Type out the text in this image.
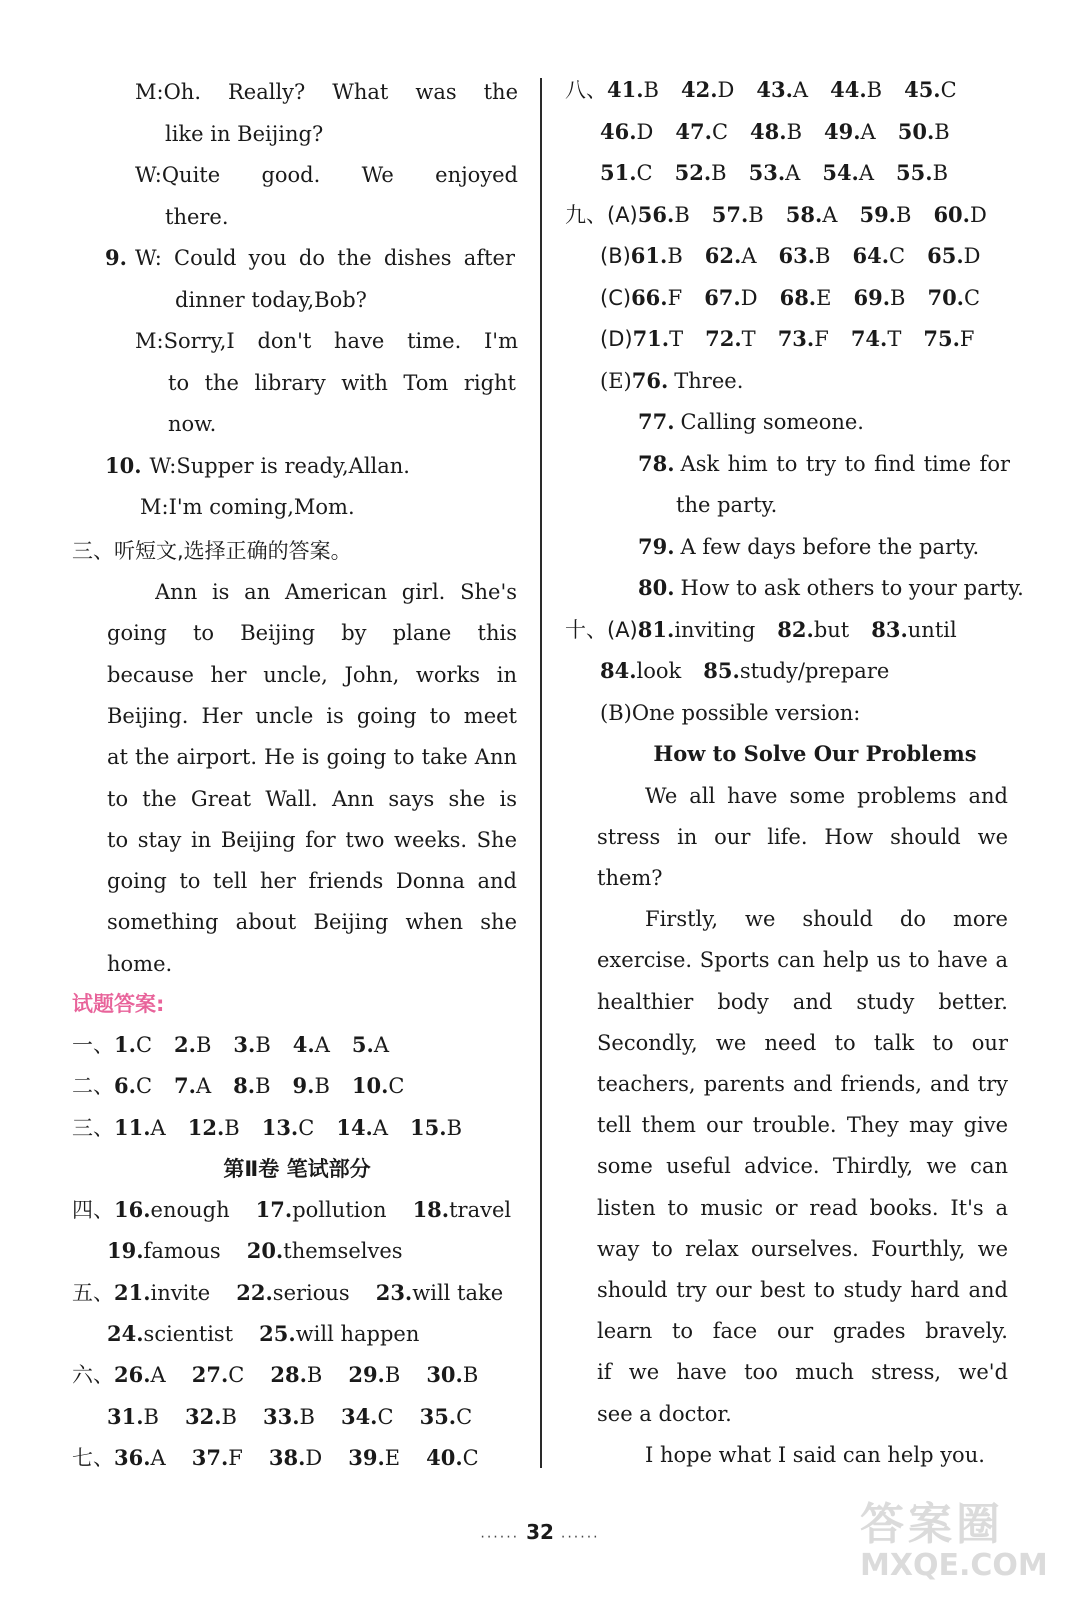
M:Oh. Really? What was the
like in Beijing?
W:Quite good. We enjoyed
there.
9. W: Could you do the dishes after
dinner today,Bob?
M:Sorry,I don't have time. I'm
to the library with Tom right
now.
10. W:Supper is ready,Allan.
M:I'm coming,Mom.
三、听短文,选择正确的答案。
Ann is an American girl. She's
going to Beijing by plane this
because her uncle, John, works in
Beijing. Her uncle is going to meet
at the airport. He is going to take Ann
to the Great Wall. Ann says she is
to stay in Beijing for two weeks. She
going to tell her friends Donna and
something about Beijing when she
home.
试题答案:
一、1.C 2.B 3.B 4.A 5.A
二、6.C 7.A 8.B 9.B 10.C
三、11.A 12.B 13.C 14.A 15.B
第Ⅱ卷 笔试部分
四、16.enough 17.pollution 18.travel
19.famous 20.themselves
五、21.invite 22.serious 23.will take
24.scientist 25.will happen
六、26.A 27.C 28.B 29.B 30.B
31.B 32.B 33.B 34.C 35.C
七、36.A 37.F 38.D 39.E 40.C
八、41.B 42.D 43.A 44.B 45.C
46.D 47.C 48.B 49.A 50.B
51.C 52.B 53.A 54.A 55.B
九、(A)56.B 57.B 58.A 59.B 60.D
(B)61.B 62.A 63.B 64.C 65.D
(C)66.F 67.D 68.E 69.B 70.C
(D)71.T 72.T 73.F 74.T 75.F
(E)76. Three.
77. Calling someone.
78. Ask him to try to find time for
the party.
79. A few days before the party.
80. How to ask others to your party.
十、(A)81.inviting 82.but 83.until
84.look 85.study/prepare
(B)One possible version:
How to Solve Our Problems
We all have some problems and
stress in our life. How should we
them?
Firstly, we should do more
exercise. Sports can help us to have a
healthier body and study better.
Secondly, we need to talk to our
teachers, parents and friends, and try
tell them our trouble. They may give
some useful advice. Thirdly, we can
listen to music or read books. It's a
way to relax ourselves. Fourthly, we
should try our best to study hard and
learn to face our grades bravely.
if we have too much stress, we'd
see a doctor.
I hope what I said can help you.
...... 32 ......	答案圈
MXQE.COM
